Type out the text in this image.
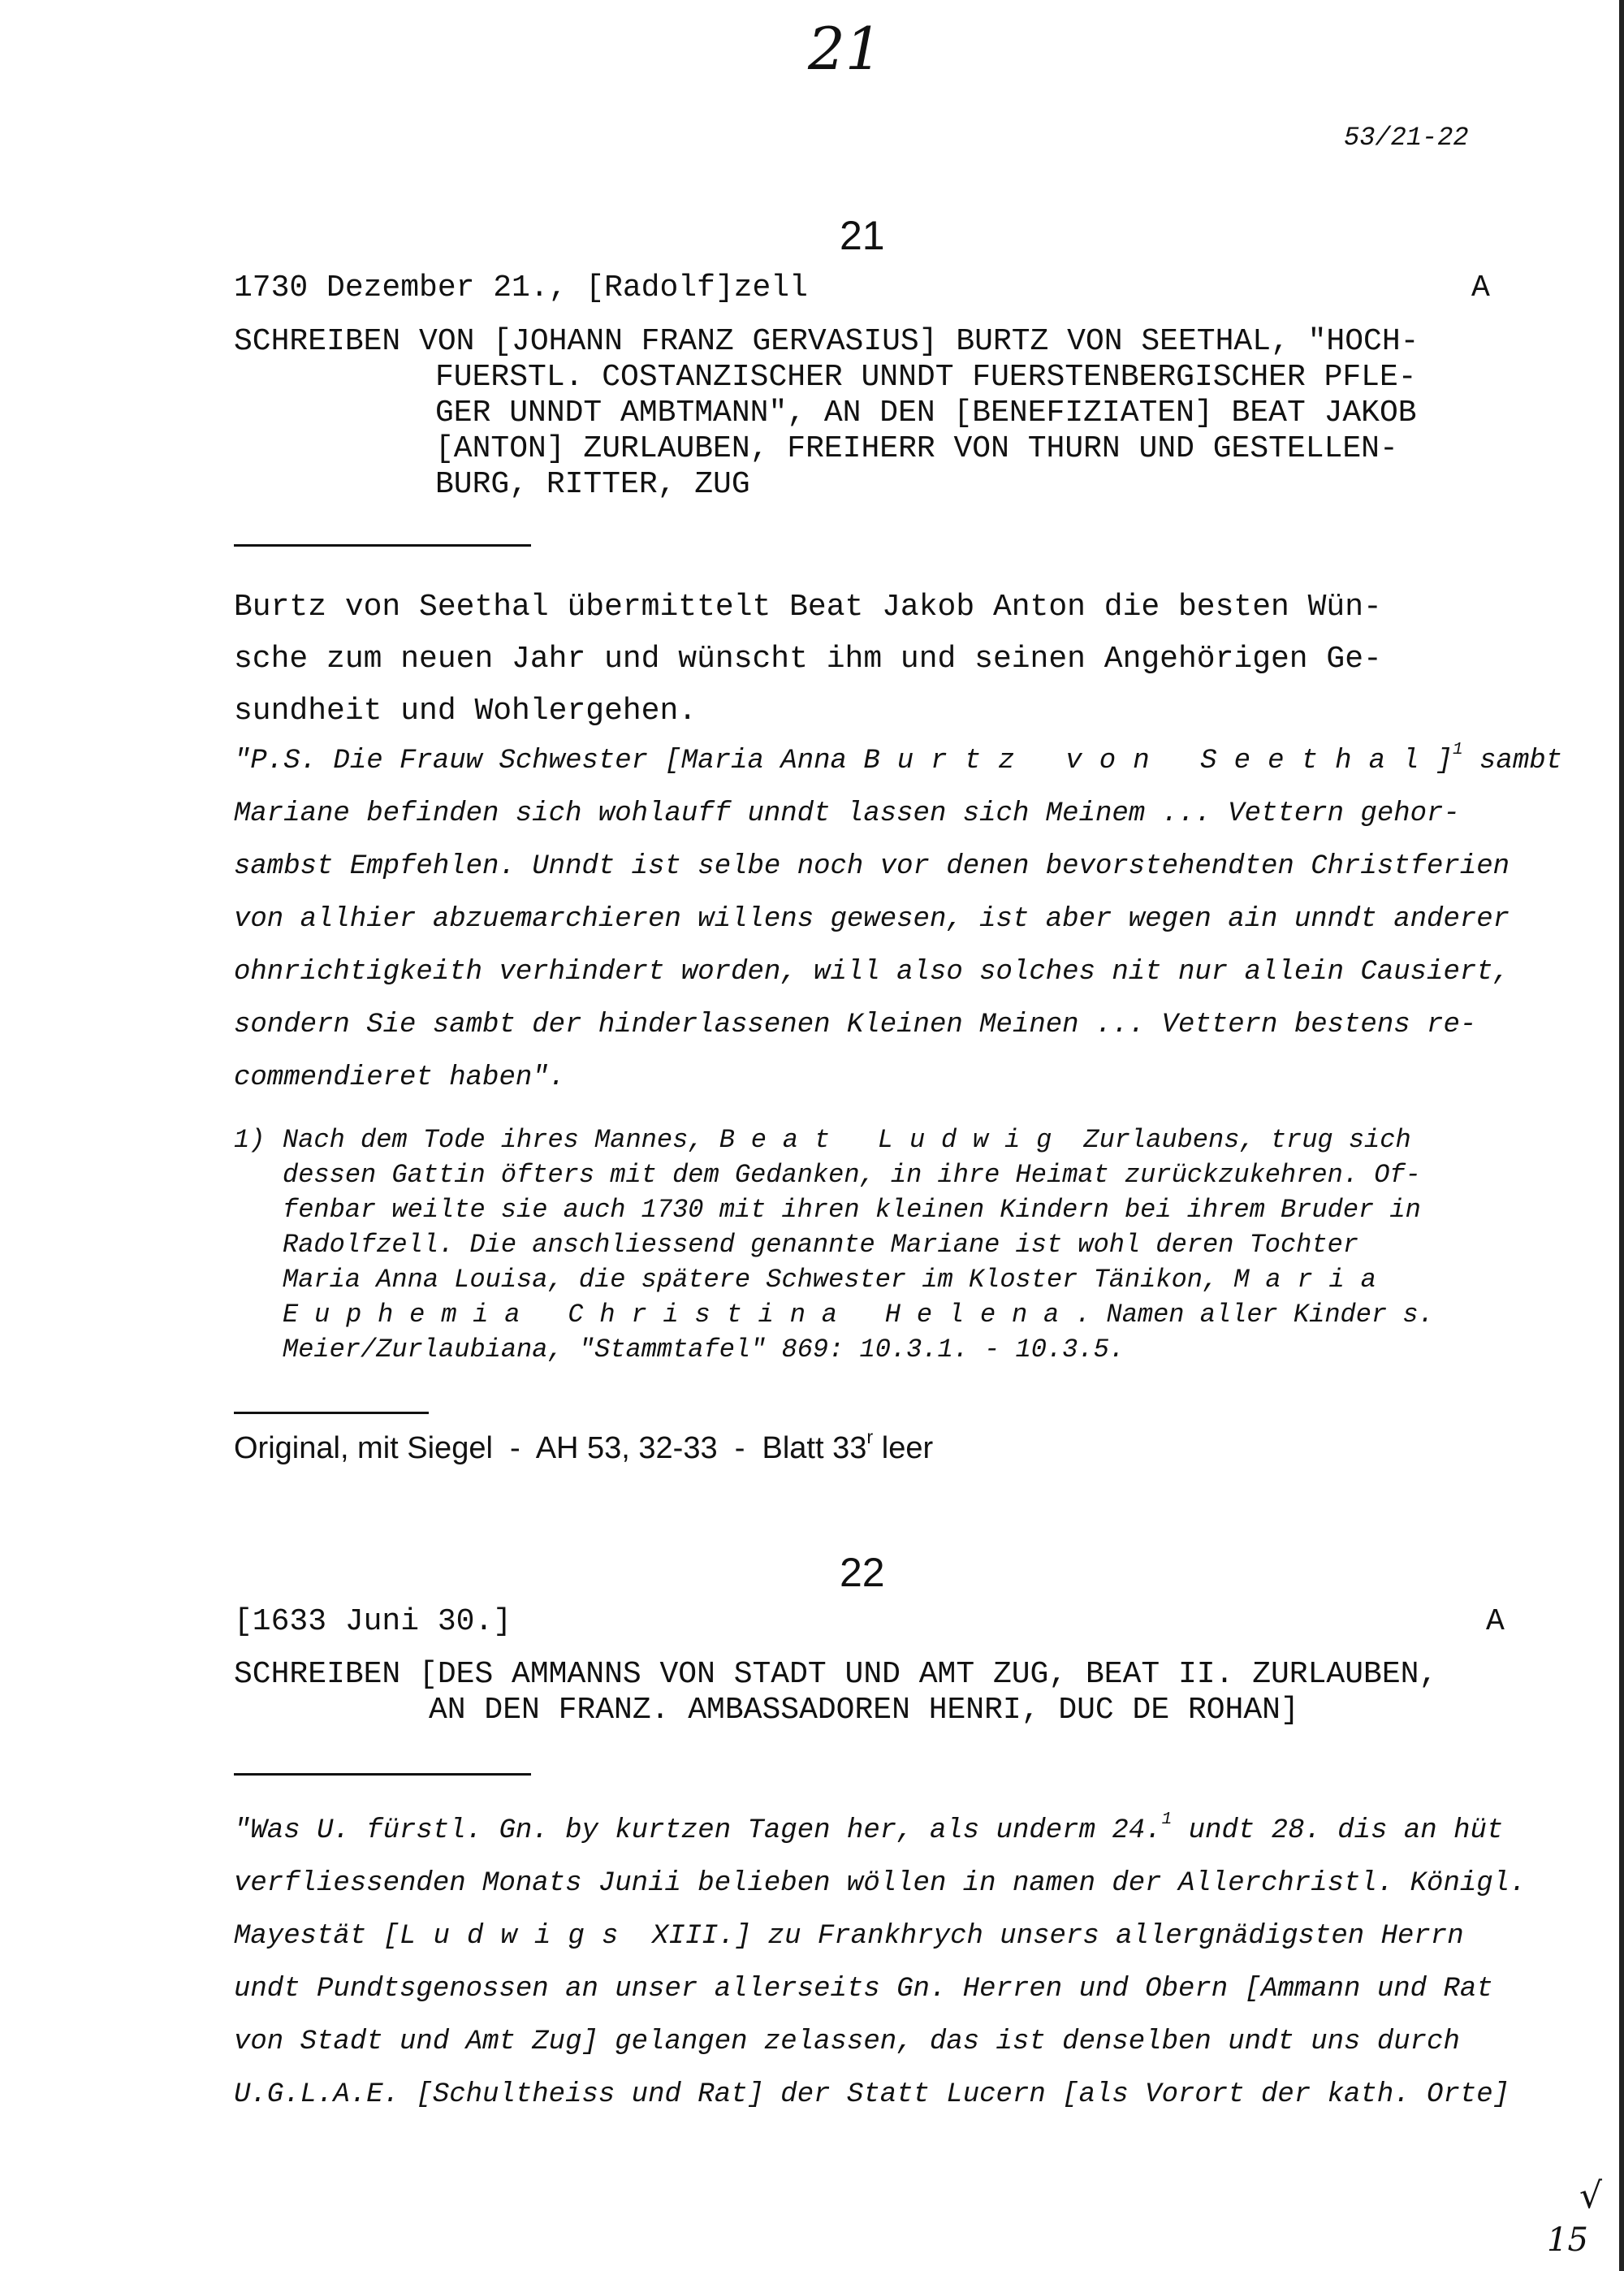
21
53/21-22
21
1730 Dezember 21., [Radolf]zell	A
SCHREIBEN VON [JOHANN FRANZ GERVASIUS] BURTZ VON SEETHAL, "HOCH-
FUERSTL. COSTANZISCHER UNNDT FUERSTENBERGISCHER PFLE-
GER UNNDT AMBTMANN", AN DEN [BENEFIZIATEN] BEAT JAKOB
[ANTON] ZURLAUBEN, FREIHERR VON THURN UND GESTELLEN-
BURG, RITTER, ZUG
Burtz von Seethal übermittelt Beat Jakob Anton die besten Wün-
sche zum neuen Jahr und wünscht ihm und seinen Angehörigen Ge-
sundheit und Wohlergehen.
"P.S. Die Frauw Schwester [Maria Anna Burtz von Seethal]$^1$ sambt
Mariane befinden sich wohlauff unndt lassen sich Meinem ... Vettern gehor-
sambst Empfehlen. Unndt ist selbe noch vor denen bevorstehendten Christferien
von allhier abzuemarchieren willens gewesen, ist aber wegen ain unndt anderer
ohnrichtigkeith verhindert worden, will also solches nit nur allein Causiert,
sondern Sie sambt der hinderlassenen Kleinen Meinen ... Vettern bestens re-
commendieret haben".
1) Nach dem Tode ihres Mannes, Beat Ludwig Zurlaubens, trug sich
dessen Gattin öfters mit dem Gedanken, in ihre Heimat zurückzukehren. Of-
fenbar weilte sie auch 1730 mit ihren kleinen Kindern bei ihrem Bruder in
Radolfzell. Die anschliessend genannte Mariane ist wohl deren Tochter
Maria Anna Louisa, die spätere Schwester im Kloster Tänikon, Maria
Euphemia Christina Helena. Namen aller Kinder s.
Meier/Zurlaubiana, "Stammtafel" 869: 10.3.1. - 10.3.5.
Original, mit Siegel  -  AH 53, 32-33  -  Blatt 33$^r$ leer
22
[1633 Juni 30.]	A
SCHREIBEN [DES AMMANNS VON STADT UND AMT ZUG, BEAT II. ZURLAUBEN,
AN DEN FRANZ. AMBASSADOREN HENRI, DUC DE ROHAN]
"Was U. fürstl. Gn. by kurtzen Tagen her, als underm 24.$^1$ undt 28. dis an hüt
verfliessenden Monats Junii belieben wöllen in namen der Allerchristl. Königl.
Mayestät [Ludwigs XIII.] zu Frankhrych unsers allergnädigsten Herrn
undt Pundtsgenossen an unser allerseits Gn. Herren und Obern [Ammann und Rat
von Stadt und Amt Zug] gelangen zelassen, das ist denselben undt uns durch
U.G.L.A.E. [Schultheiss und Rat] der Statt Lucern [als Vorort der kath. Orte]
√
15
